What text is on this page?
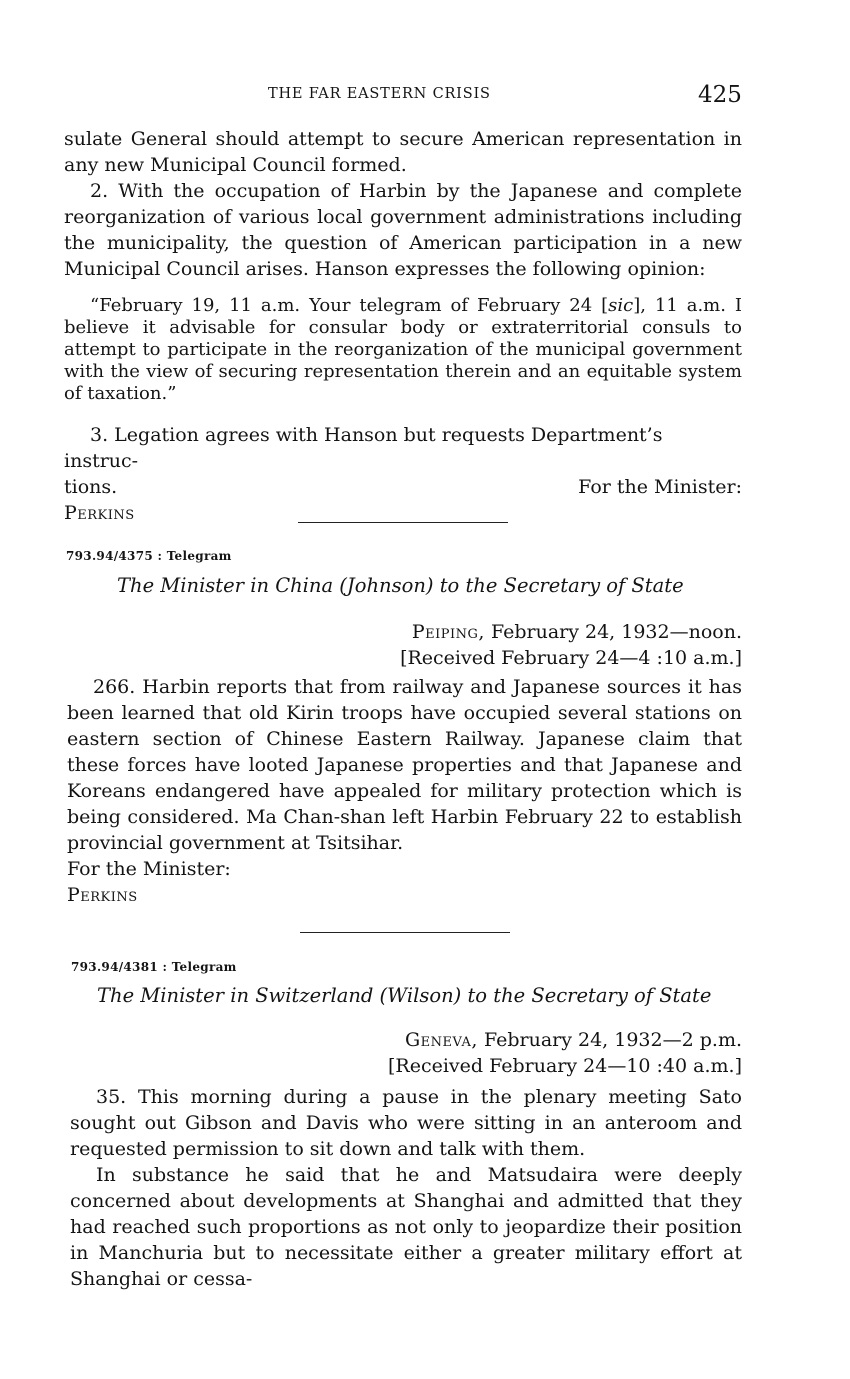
THE FAR EASTERN CRISIS	425

sulate General should attempt to secure American representation in any new Municipal Council formed.

2. With the occupation of Harbin by the Japanese and complete reorganization of various local government administrations including the municipality, the question of American participation in a new Municipal Council arises. Hanson expresses the following opinion:

“February 19, 11 a.m. Your telegram of February 24 [sic], 11 a.m. I believe it advisable for consular body or extraterritorial consuls to attempt to participate in the reorganization of the municipal government with the view of securing representation therein and an equitable system of taxation.”

3. Legation agrees with Hanson but requests Department’s instruc-

tions.	For the Minister:

Perkins

793.94/4375 : Telegram
The Minister in China (Johnson) to the Secretary of State
Peiping, February 24, 1932—noon.
[Received February 24—4 :10 a.m.]

266. Harbin reports that from railway and Japanese sources it has been learned that old Kirin troops have occupied several stations on eastern section of Chinese Eastern Railway. Japanese claim that these forces have looted Japanese properties and that Japanese and Koreans endangered have appealed for military protection which is being considered. Ma Chan-shan left Harbin February 22 to establish provincial government at Tsitsihar.

For the Minister:

Perkins

793.94/4381 : Telegram
The Minister in Switzerland (Wilson) to the Secretary of State
Geneva, February 24, 1932—2 p.m.
[Received February 24—10 :40 a.m.]

35. This morning during a pause in the plenary meeting Sato sought out Gibson and Davis who were sitting in an anteroom and requested permission to sit down and talk with them.

In substance he said that he and Matsudaira were deeply concerned about developments at Shanghai and admitted that they had reached such proportions as not only to jeopardize their position in Manchuria but to necessitate either a greater military effort at Shanghai or cessa-
